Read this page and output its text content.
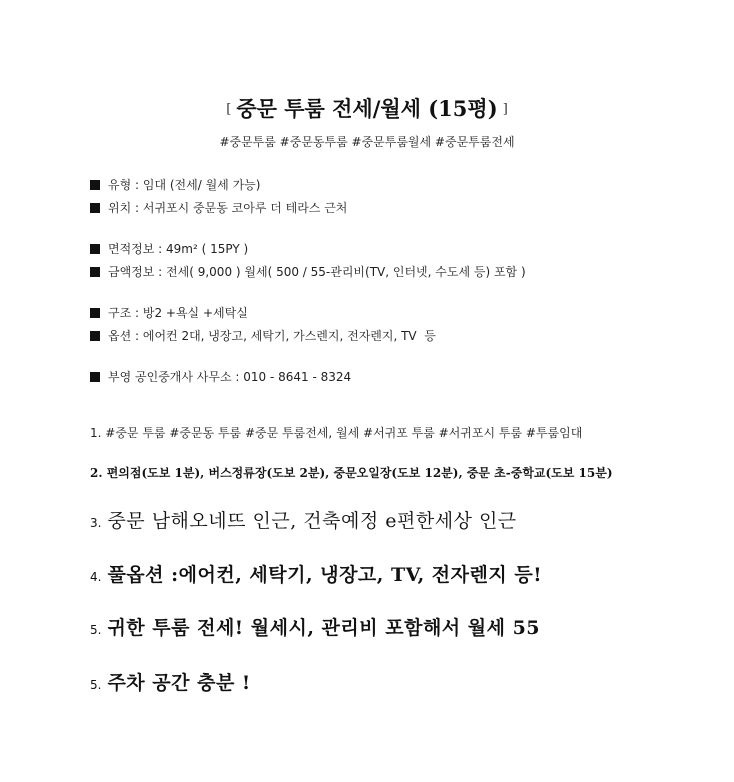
[ 중문 투룸 전세/월세 (15평) ]
#중문투룸 #중문동투룸 #중문투룸월세 #중문투룸전세
유형 : 임대 (전세/ 월세 가능)
위치 : 서귀포시 중문동 코아루 더 테라스 근처
면적정보 : 49m² ( 15PY )
금액정보 : 전세( 9,000 ) 월세( 500 / 55-관리비(TV, 인터넷, 수도세 등) 포함 )
구조 : 방2 +욕실 +세탁실
옵션 : 에어컨 2대, 냉장고, 세탁기, 가스렌지, 전자렌지, TV  등
부영 공인중개사 사무소 : 010 - 8641 - 8324
1. #중문 투룸 #중문동 투룸 #중문 투룸전세, 월세 #서귀포 투룸 #서귀포시 투룸 #투룸임대
2. 편의점(도보 1분), 버스정류장(도보 2분), 중문오일장(도보 12분), 중문 초-중학교(도보 15분)
3. 중문 남해오네뜨 인근, 건축예정 e편한세상 인근
4. 풀옵션 :에어컨, 세탁기, 냉장고, TV, 전자렌지 등!
5. 귀한 투룸 전세! 월세시, 관리비 포함해서 월세 55
5. 주차 공간 충분 !
